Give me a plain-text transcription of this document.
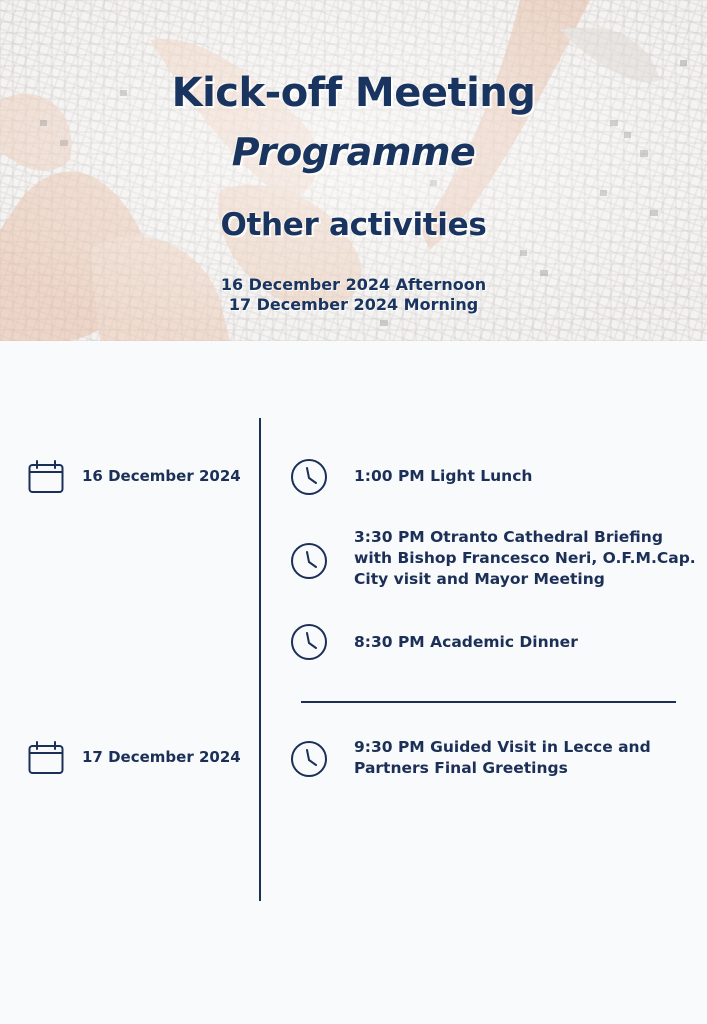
Kick-off Meeting
Programme
Other activities
16 December 2024 Afternoon
17 December 2024 Morning
16 December 2024	1:00 PM Light Lunch
3:30 PM Otranto Cathedral Briefing
with Bishop Francesco Neri, O.F.M.Cap.
City visit and Mayor Meeting
8:30 PM Academic Dinner
17 December 2024
9:30 PM Guided Visit in Lecce and
Partners Final Greetings
